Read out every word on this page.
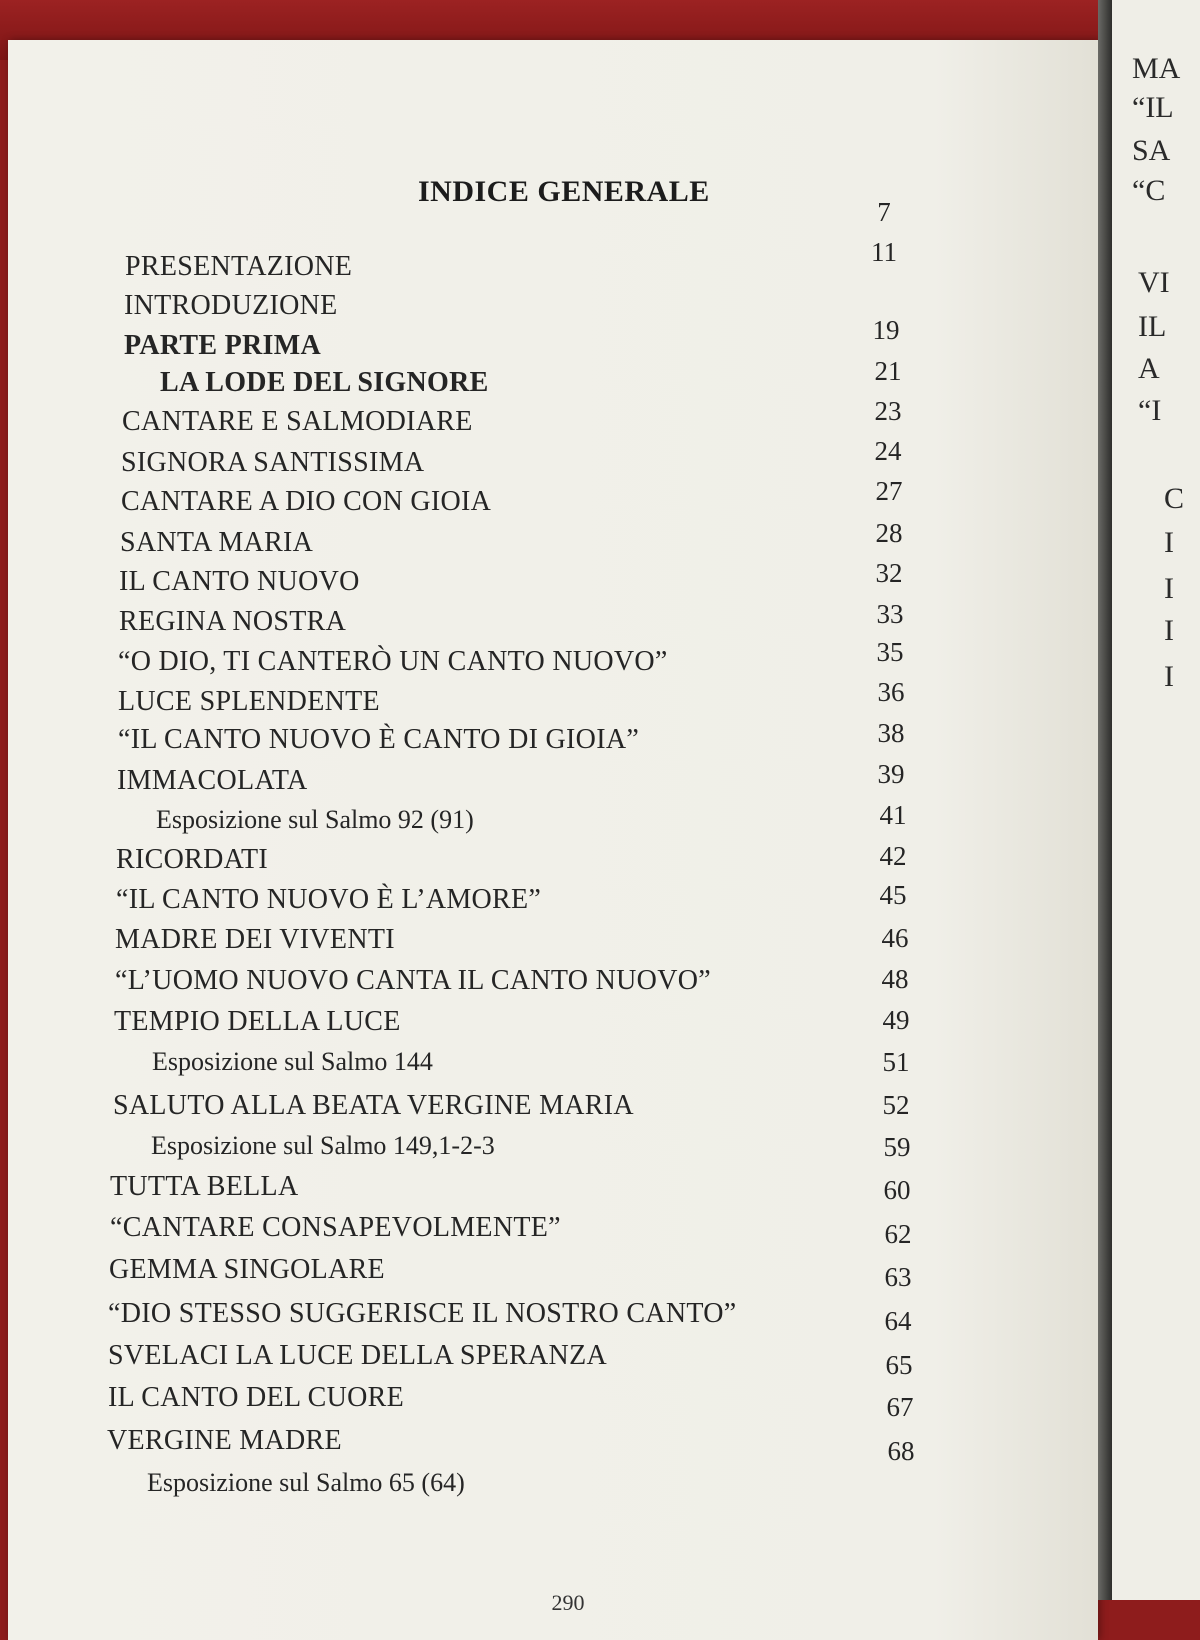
INDICE GENERALE
PRESENTAZIONE
7
INTRODUZIONE
11
PARTE PRIMA
LA LODE DEL SIGNORE
19
CANTARE E SALMODIARE
21
SIGNORA SANTISSIMA
23
CANTARE A DIO CON GIOIA
24
SANTA MARIA
27
IL CANTO NUOVO
28
REGINA NOSTRA
32
“O DIO, TI CANTERÒ UN CANTO NUOVO”
33
LUCE SPLENDENTE
35
“IL CANTO NUOVO È CANTO DI GIOIA”
36
IMMACOLATA
38
Esposizione sul Salmo 92 (91)
39
RICORDATI
41
“IL CANTO NUOVO È L’AMORE”
42
MADRE DEI VIVENTI
45
“L’UOMO NUOVO CANTA IL CANTO NUOVO”
46
TEMPIO DELLA LUCE
48
Esposizione sul Salmo 144
49
SALUTO ALLA BEATA VERGINE MARIA
51
Esposizione sul Salmo 149,1-2-3
52
TUTTA BELLA
59
“CANTARE CONSAPEVOLMENTE”
60
GEMMA SINGOLARE
62
“DIO STESSO SUGGERISCE IL NOSTRO CANTO”
63
SVELACI LA LUCE DELLA SPERANZA
64
IL CANTO DEL CUORE
65
VERGINE MADRE
67
Esposizione sul Salmo 65 (64)
68
290
MA
“IL
SA
“C
VI
IL
A
“I
C
I
I
I
I
